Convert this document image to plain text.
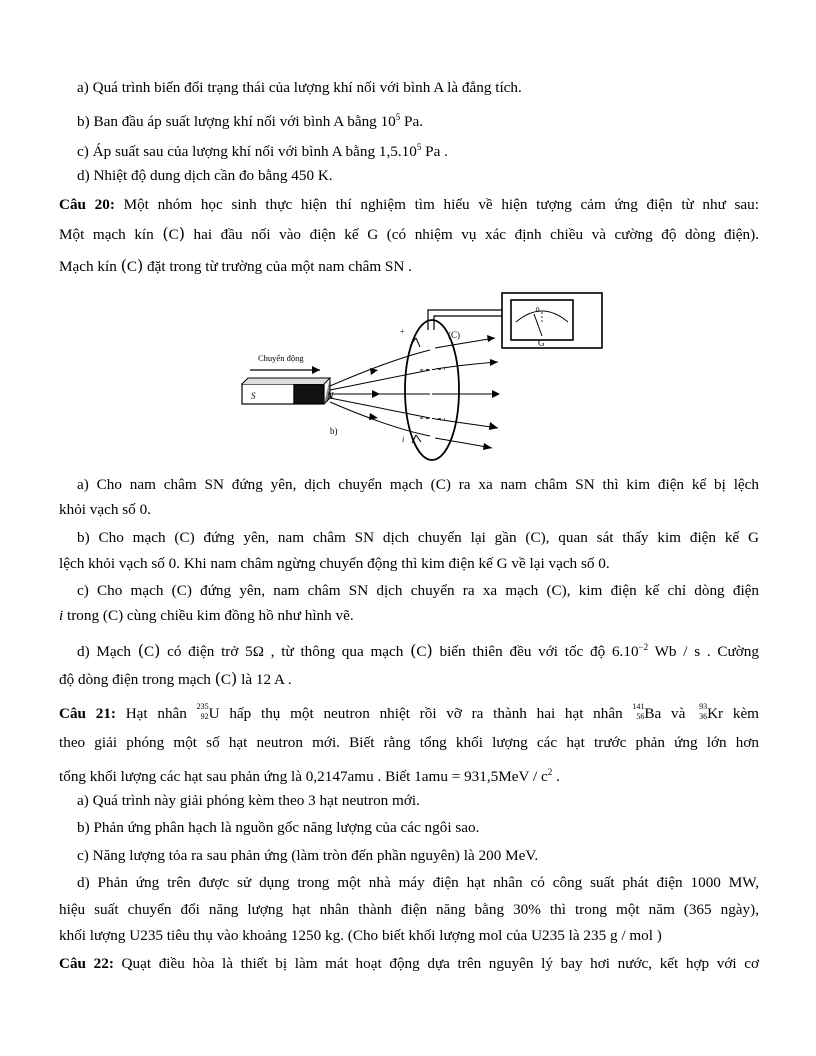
a) Quá trình biến đổi trạng thái của lượng khí nối với bình A là đẳng tích.
b) Ban đầu áp suất lượng khí nối với bình A bằng $10^5$ Pa.
c) Áp suất sau của lượng khí nối với bình A bằng 1,5.10$^5$ Pa .
d) Nhiệt độ dung dịch cần đo bằng 450 K.
Câu 20: Một nhóm học sinh thực hiện thí nghiệm tìm hiểu về hiện tượng cảm ứng điện từ như sau:
Một mạch kín (C) hai đầu nối vào điện kế G (có nhiệm vụ xác định chiều và cường độ dòng điện).
Mạch kín (C) đặt trong từ trường của một nam châm SN .
0
G
+	(C)
i
S	N
Chuyển động
b)
a) Cho nam châm SN đứng yên, dịch chuyển mạch (C) ra xa nam châm SN thì kim điện kế bị lệch
khỏi vạch số 0.
b) Cho mạch (C) đứng yên, nam châm SN dịch chuyển lại gần (C), quan sát thấy kim điện kế G
lệch khỏi vạch số 0. Khi nam châm ngừng chuyển động thì kim điện kế G về lại vạch số 0.
c) Cho mạch (C) đứng yên, nam châm SN dịch chuyển ra xa mạch (C), kim điện kế chỉ dòng điện
i trong (C) cùng chiều kim đồng hồ như hình vẽ.
d) Mạch (C) có điện trở 5Ω , từ thông qua mạch (C) biến thiên đều với tốc độ $6.10^{-2}$ Wb / s . Cường
độ dòng điện trong mạch (C) là 12 A .
Câu 21: Hạt nhân 235
92 U hấp thụ một neutron nhiệt rồi vỡ ra thành hai hạt nhân 141
56 Ba và 93
36 Kr kèm
theo giải phóng một số hạt neutron mới. Biết rằng tổng khối lượng các hạt trước phản ứng lớn hơn
tổng khối lượng các hạt sau phản ứng là 0,2147amu . Biết $1amu = 931,5MeV / c^2$ .
a) Quá trình này giải phóng kèm theo 3 hạt neutron mới.
b) Phản ứng phân hạch là nguồn gốc năng lượng của các ngôi sao.
c) Năng lượng tỏa ra sau phản ứng (làm tròn đến phần nguyên) là 200 MeV.
d) Phản ứng trên được sử dụng trong một nhà máy điện hạt nhân có công suất phát điện 1000 MW,
hiệu suất chuyển đổi năng lượng hạt nhân thành điện năng bằng 30% thì trong một năm (365 ngày),
khối lượng U235 tiêu thụ vào khoảng 1250 kg. (Cho biết khối lượng mol của U235 là 235 g / mol )
Câu 22: Quạt điều hòa là thiết bị làm mát hoạt động dựa trên nguyên lý bay hơi nước, kết hợp với cơ
